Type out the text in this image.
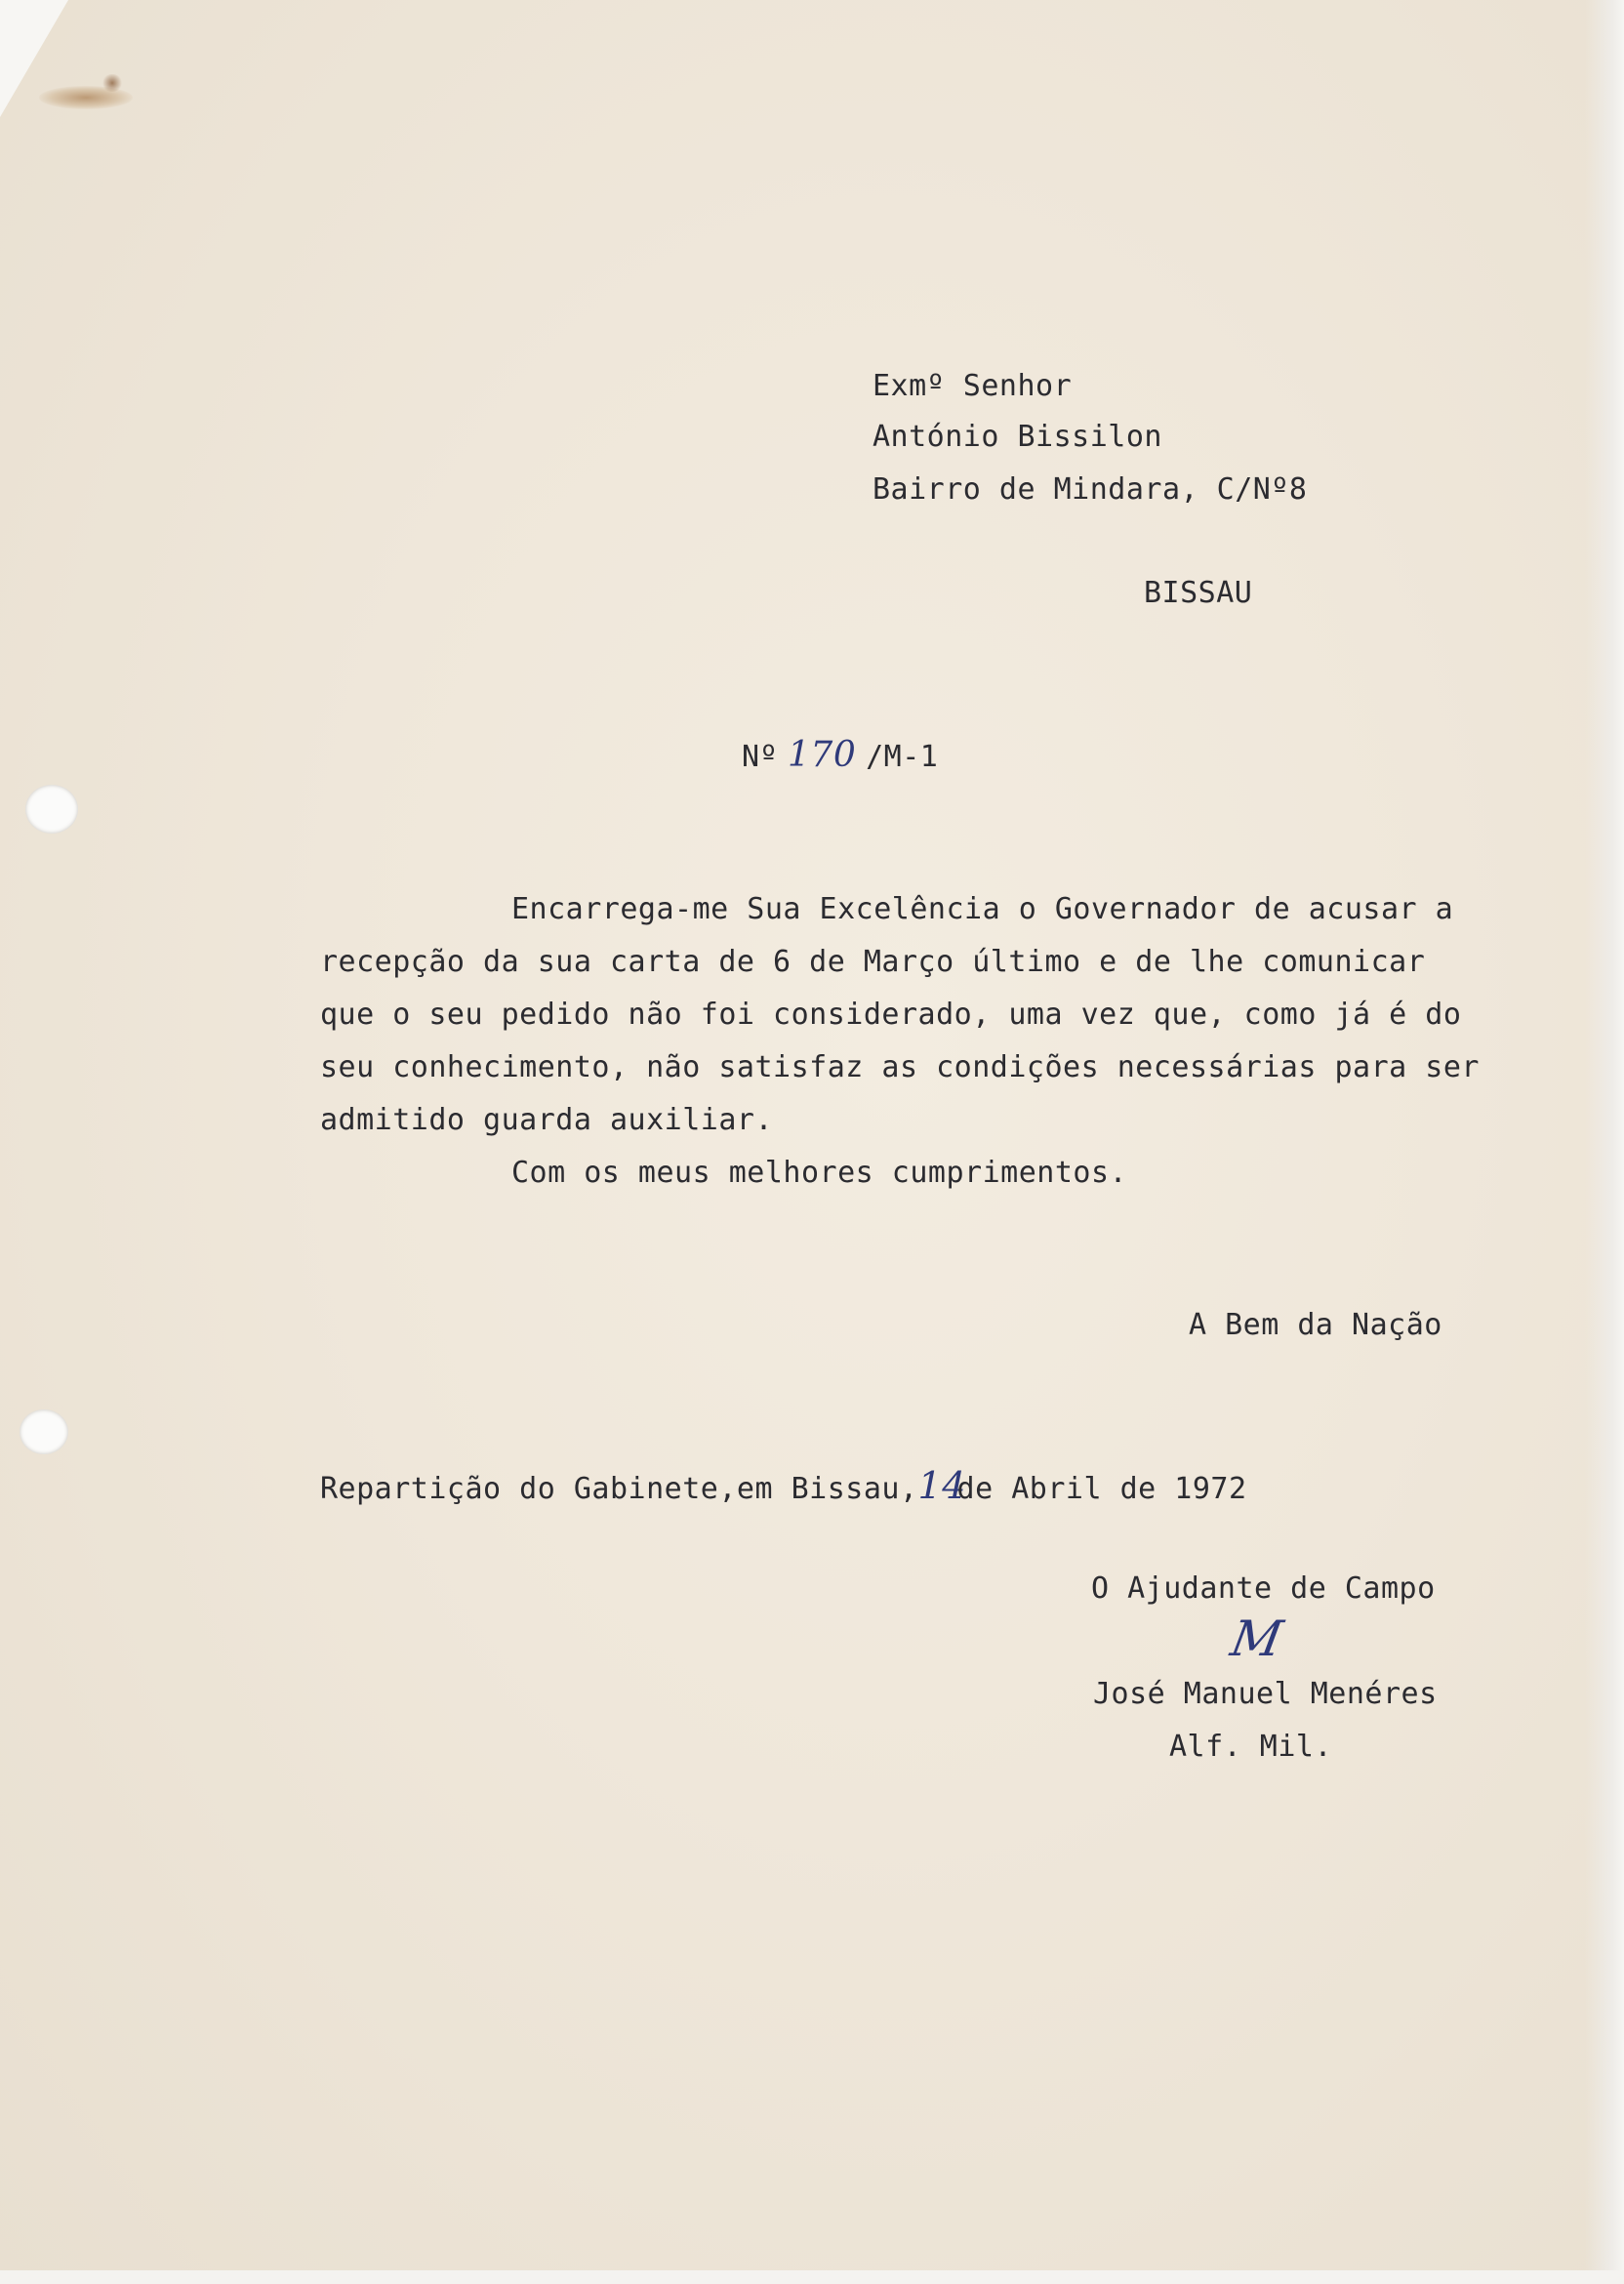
Exmº Senhor
António Bissilon
Bairro de Mindara, C/Nº8
BISSAU
Nº 170 /M-1
Encarrega-me Sua Excelência o Governador de acusar a
recepção da sua carta de 6 de Março último e de lhe comunicar
que o seu pedido não foi considerado, uma vez que, como já é do
seu conhecimento, não satisfaz as condições necessárias para ser
admitido guarda auxiliar.
Com os meus melhores cumprimentos.
A Bem da Nação
Repartição do Gabinete,em Bissau,14de Abril de 1972
O Ajudante de Campo
M
José Manuel Menéres
Alf. Mil.
